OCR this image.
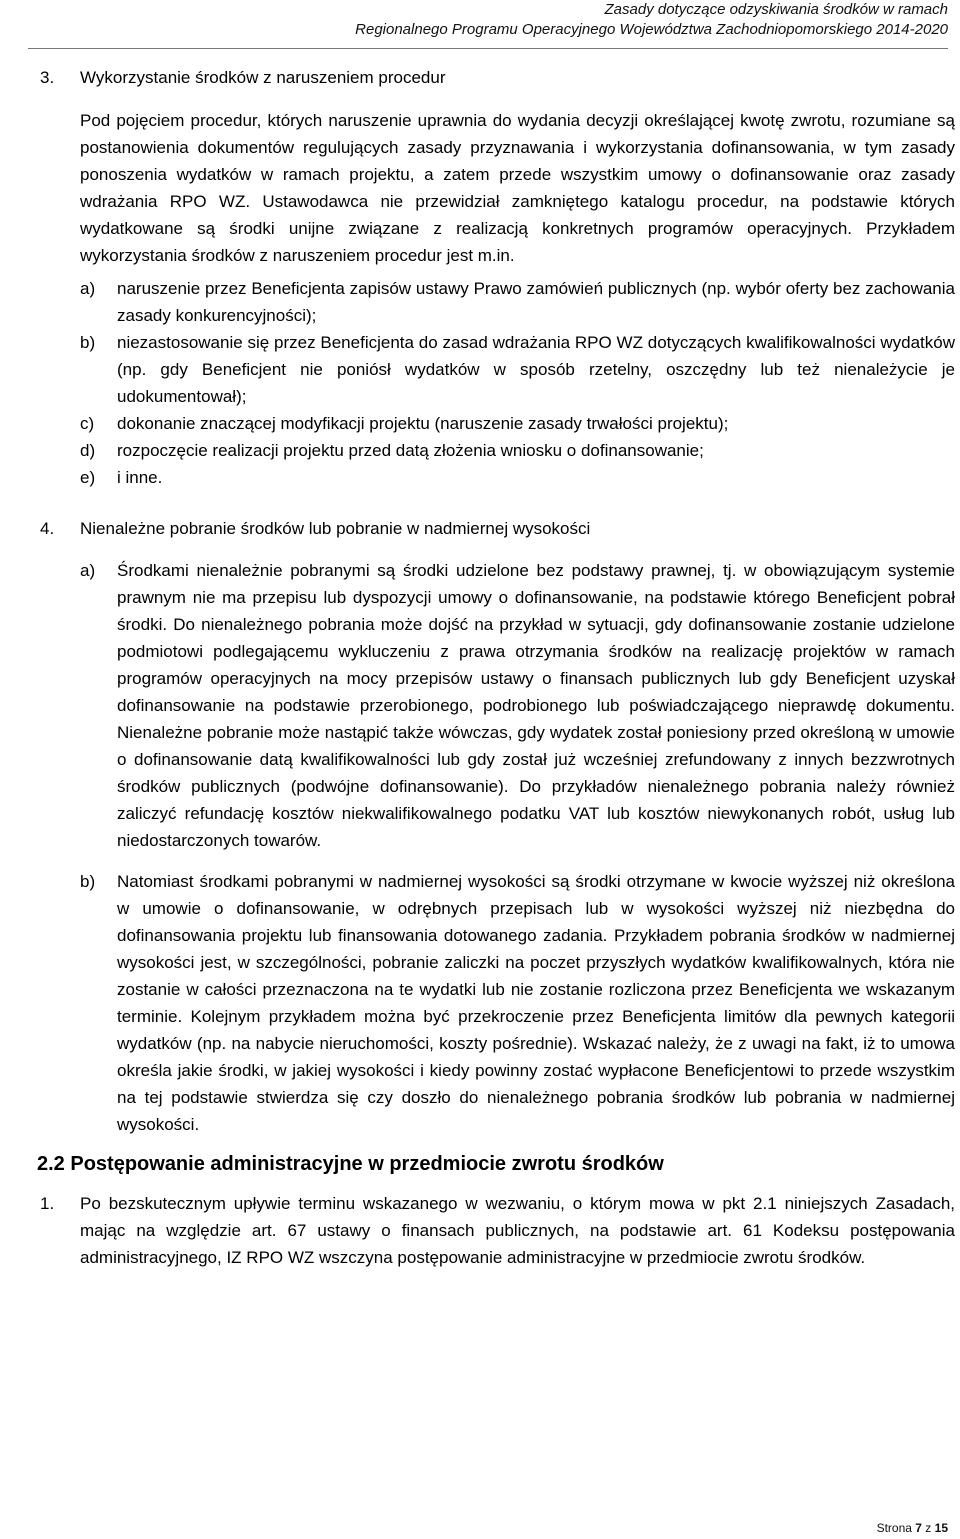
Zasady dotyczące odzyskiwania środków w ramach
Regionalnego Programu Operacyjnego Województwa Zachodniopomorskiego 2014-2020
3. Wykorzystanie środków z naruszeniem procedur

Pod pojęciem procedur, których naruszenie uprawnia do wydania decyzji określającej kwotę zwrotu, rozumiane są postanowienia dokumentów regulujących zasady przyznawania i wykorzystania dofinansowania, w tym zasady ponoszenia wydatków w ramach projektu, a zatem przede wszystkim umowy o dofinansowanie oraz zasady wdrażania RPO WZ. Ustawodawca nie przewidział zamkniętego katalogu procedur, na podstawie których wydatkowane są środki unijne związane z realizacją konkretnych programów operacyjnych. Przykładem wykorzystania środków z naruszeniem procedur jest m.in.

a) naruszenie przez Beneficjenta zapisów ustawy Prawo zamówień publicznych (np. wybór oferty bez zachowania zasady konkurencyjności);
b) niezastosowanie się przez Beneficjenta do zasad wdrażania RPO WZ dotyczących kwalifikowalności wydatków (np. gdy Beneficjent nie poniósł wydatków w sposób rzetelny, oszczędny lub też nienależycie je udokumentował);
c) dokonanie znaczącej modyfikacji projektu (naruszenie zasady trwałości projektu);
d) rozpoczęcie realizacji projektu przed datą złożenia wniosku o dofinansowanie;
e) i inne.
4. Nienależne pobranie środków lub pobranie w nadmiernej wysokości
a) Środkami nienależnie pobranymi są środki udzielone bez podstawy prawnej, tj. w obowiązującym systemie prawnym nie ma przepisu lub dyspozycji umowy o dofinansowanie, na podstawie którego Beneficjent pobrał środki. Do nienależnego pobrania może dojść na przykład w sytuacji, gdy dofinansowanie zostanie udzielone podmiotowi podlegającemu wykluczeniu z prawa otrzymania środków na realizację projektów w ramach programów operacyjnych na mocy przepisów ustawy o finansach publicznych lub gdy Beneficjent uzyskał dofinansowanie na podstawie przerobionego, podrobionego lub poświadczającego nieprawdę dokumentu. Nienależne pobranie może nastąpić także wówczas, gdy wydatek został poniesiony przed określoną w umowie o dofinansowanie datą kwalifikowalności lub gdy został już wcześniej zrefundowany z innych bezzwrotnych środków publicznych (podwójne dofinansowanie). Do przykładów nienależnego pobrania należy również zaliczyć refundację kosztów niekwalifikowalnego podatku VAT lub kosztów niewykonanych robót, usług lub niedostarczonych towarów.
b) Natomiast środkami pobranymi w nadmiernej wysokości są środki otrzymane w kwocie wyższej niż określona w umowie o dofinansowanie, w odrębnych przepisach lub w wysokości wyższej niż niezbędna do dofinansowania projektu lub finansowania dotowanego zadania. Przykładem pobrania środków w nadmiernej wysokości jest, w szczególności, pobranie zaliczki na poczet przyszłych wydatków kwalifikowalnych, która nie zostanie w całości przeznaczona na te wydatki lub nie zostanie rozliczona przez Beneficjenta we wskazanym terminie. Kolejnym przykładem można być przekroczenie przez Beneficjenta limitów dla pewnych kategorii wydatków (np. na nabycie nieruchomości, koszty pośrednie). Wskazać należy, że z uwagi na fakt, iż to umowa określa jakie środki, w jakiej wysokości i kiedy powinny zostać wypłacone Beneficjentowi to przede wszystkim na tej podstawie stwierdza się czy doszło do nienależnego pobrania środków lub pobrania w nadmiernej wysokości.
2.2 Postępowanie administracyjne w przedmiocie zwrotu środków
1. Po bezskutecznym upływie terminu wskazanego w wezwaniu, o którym mowa w pkt 2.1 niniejszych Zasadach, mając na względzie art. 67 ustawy o finansach publicznych, na podstawie art. 61 Kodeksu postępowania administracyjnego, IZ RPO WZ wszczyna postępowanie administracyjne w przedmiocie zwrotu środków.
Strona 7 z 15
